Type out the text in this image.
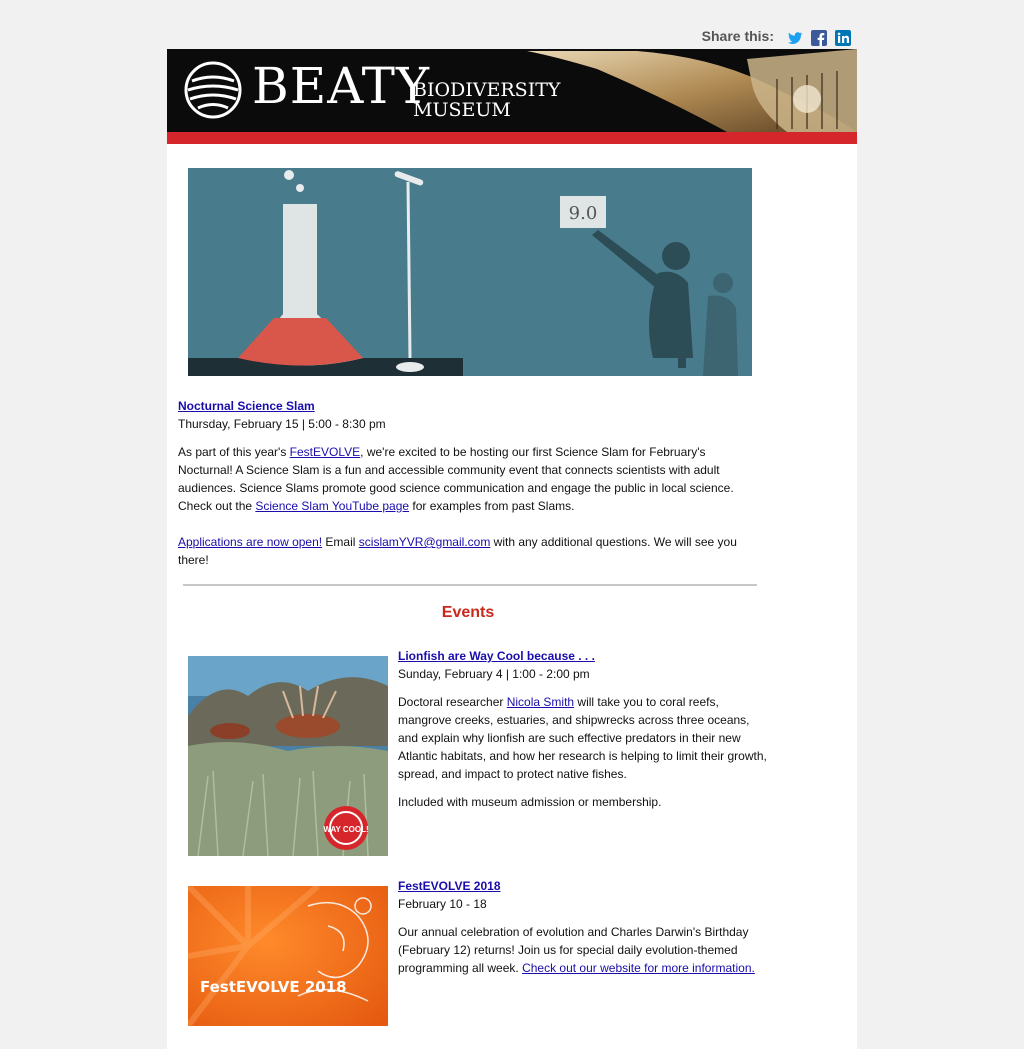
Share this:
BEATY
BIODIVERSITY
MUSEUM
9.0
Nocturnal Science Slam

Thursday, February 15 | 5:00 - 8:30 pm

As part of this year's FestEVOLVE, we're excited to be hosting our first Science Slam for February's Nocturnal! A Science Slam is a fun and accessible community event that connects scientists with adult audiences. Science Slams promote good science communication and engage the public in local science. Check out the Science Slam YouTube page for examples from past Slams.

Applications are now open! Email scislamYVR@gmail.com with any additional questions. We will see you there!

Events
WAY COOL!
Lionfish are Way Cool because . . .

Sunday, February 4 | 1:00 - 2:00 pm

Doctoral researcher Nicola Smith will take you to coral reefs, mangrove creeks, estuaries, and shipwrecks across three oceans, and explain why lionfish are such effective predators in their new Atlantic habitats, and how her research is helping to limit their growth, spread, and impact to protect native fishes.

Included with museum admission or membership.

FestEVOLVE 2018
FestEVOLVE 2018

February 10 - 18

Our annual celebration of evolution and Charles Darwin's Birthday (February 12) returns! Join us for special daily evolution-themed programming all week. Check out our website for more information.
